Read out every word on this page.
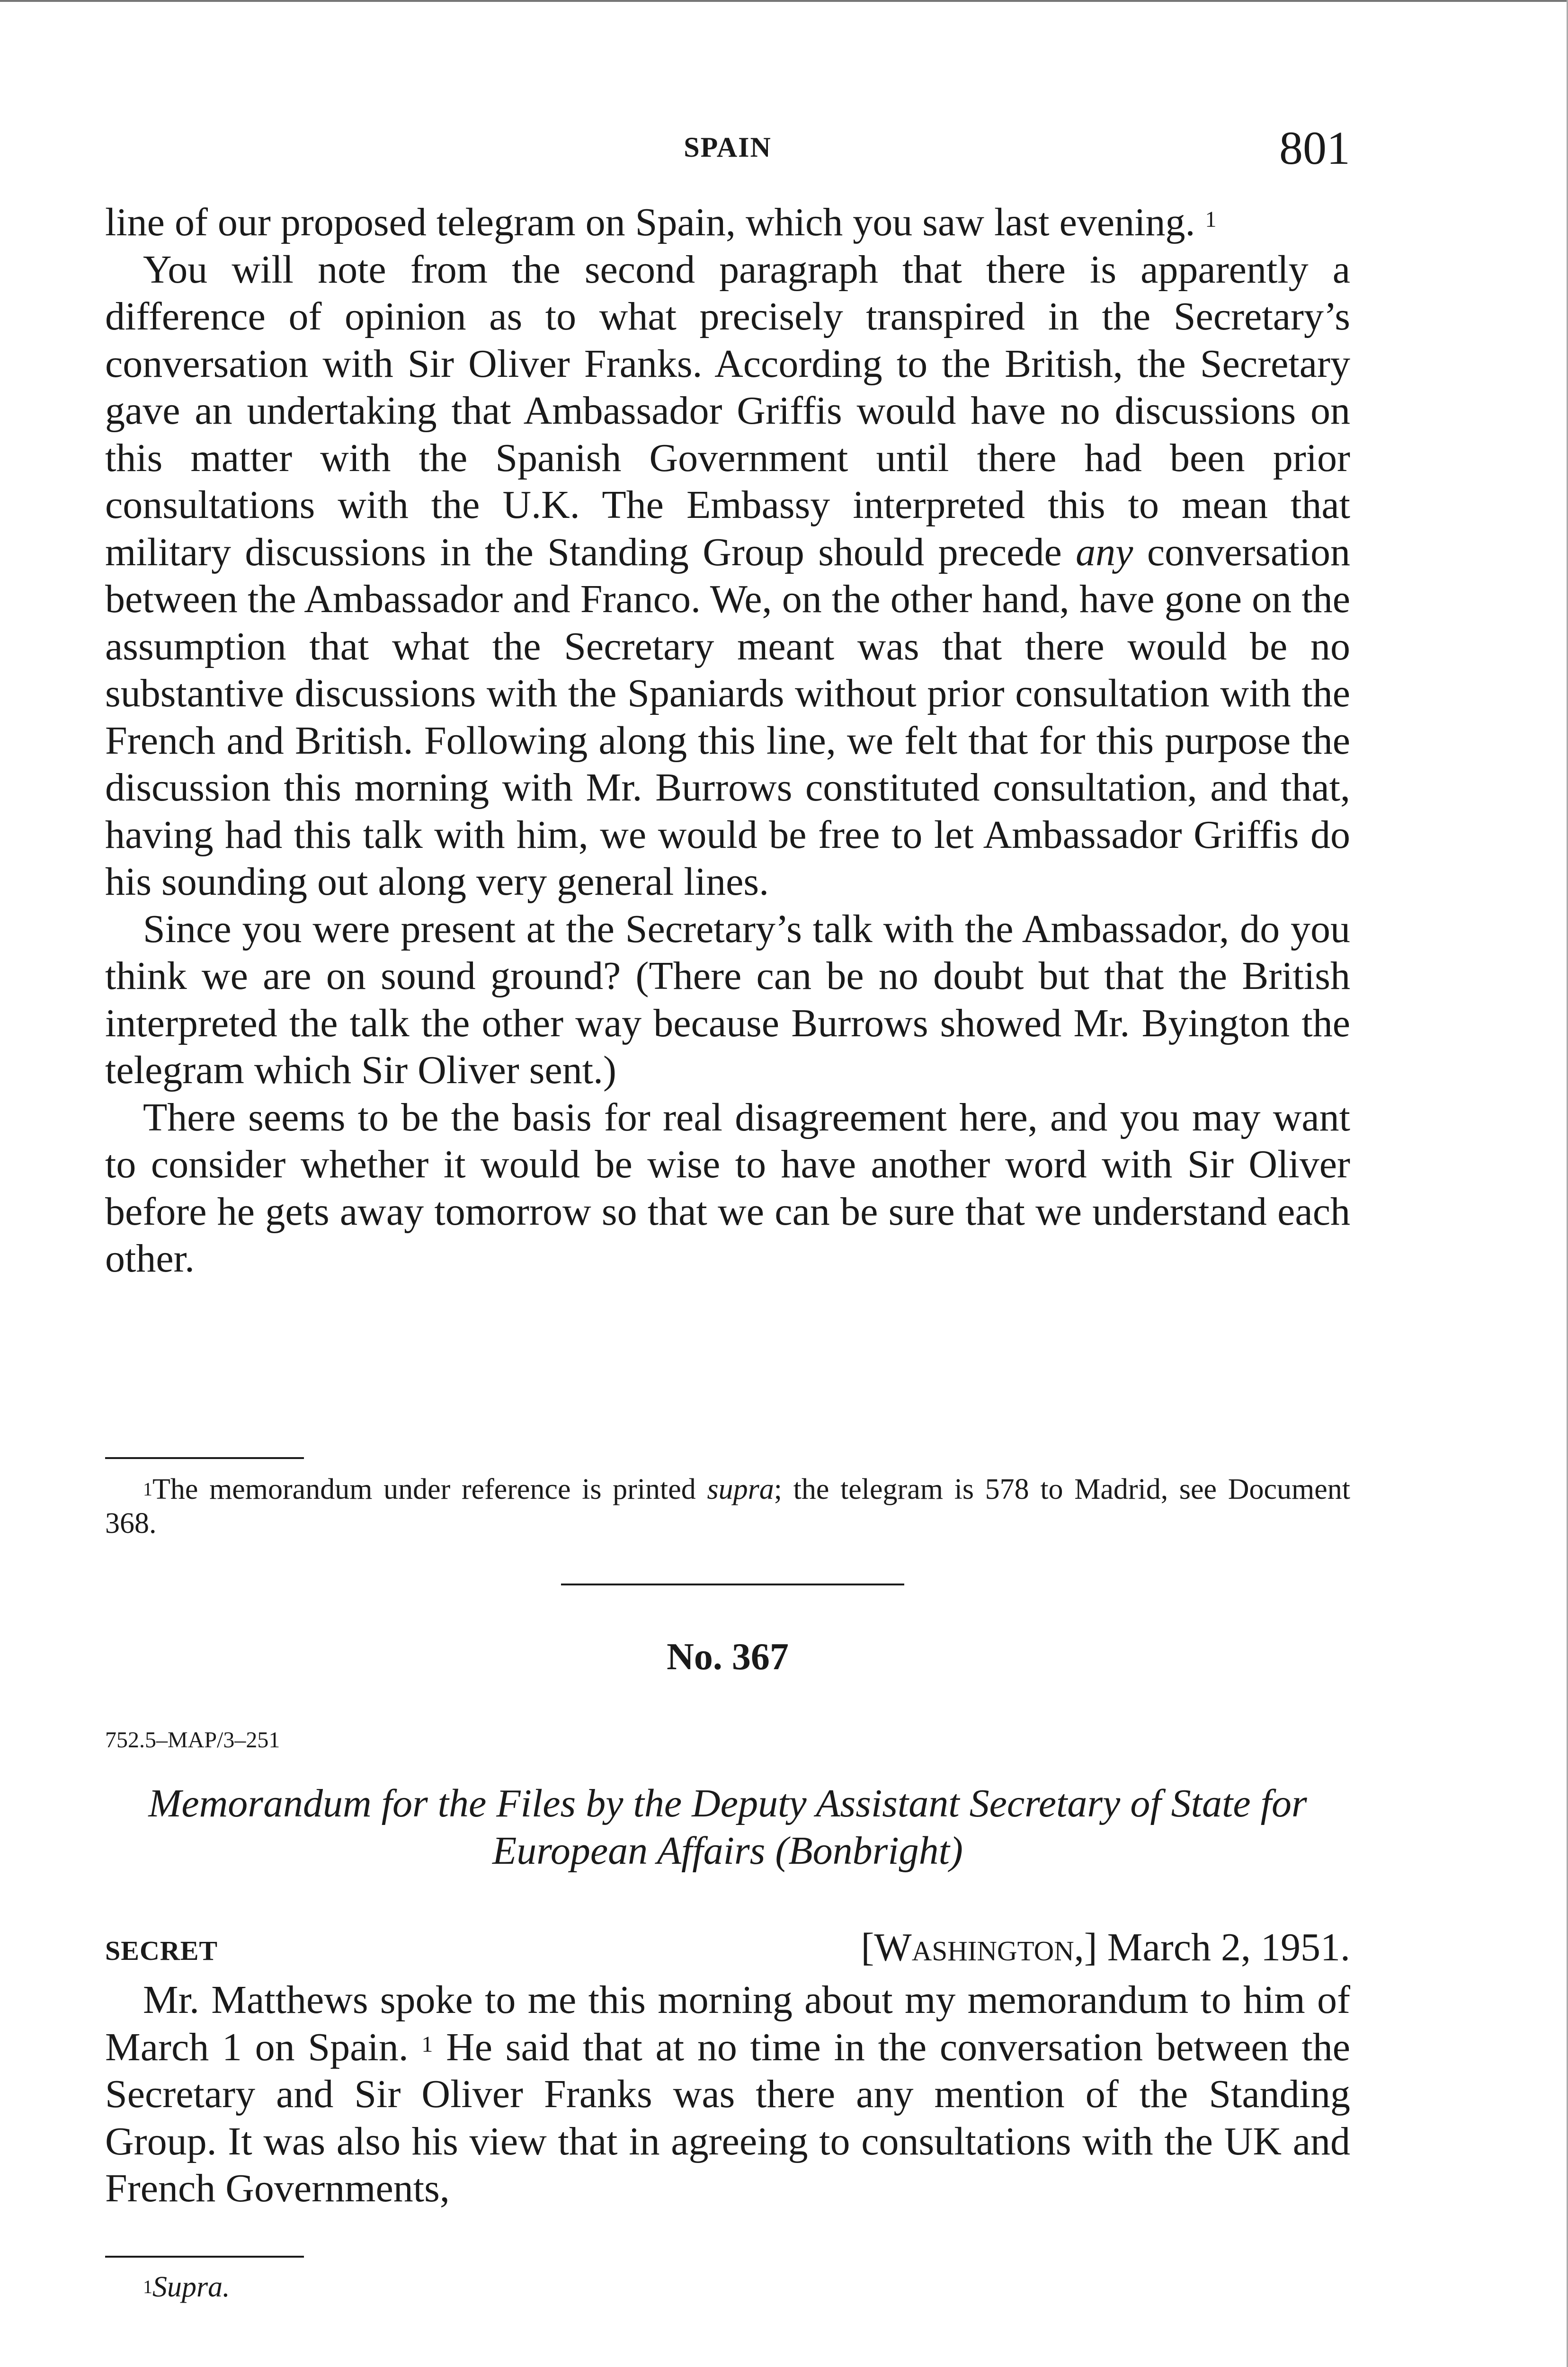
SPAIN	801

line of our proposed telegram on Spain, which you saw last evening. $^1$

You will note from the second paragraph that there is apparently a difference of opinion as to what precisely transpired in the Secretary’s conversation with Sir Oliver Franks. According to the British, the Secretary gave an undertaking that Ambassador Griffis would have no discussions on this matter with the Spanish Government until there had been prior consultations with the U.K. The Embassy interpreted this to mean that military discussions in the Standing Group should precede any conversation between the Ambassador and Franco. We, on the other hand, have gone on the assumption that what the Secretary meant was that there would be no substantive discussions with the Spaniards without prior consultation with the French and British. Following along this line, we felt that for this purpose the discussion this morning with Mr. Burrows constituted consultation, and that, having had this talk with him, we would be free to let Ambassador Griffis do his sounding out along very general lines.

Since you were present at the Secretary’s talk with the Ambassador, do you think we are on sound ground? (There can be no doubt but that the British interpreted the talk the other way because Burrows showed Mr. Byington the telegram which Sir Oliver sent.)

There seems to be the basis for real disagreement here, and you may want to consider whether it would be wise to have another word with Sir Oliver before he gets away tomorrow so that we can be sure that we understand each other.

$^1$The memorandum under reference is printed supra; the telegram is 578 to Madrid, see Document 368.
No. 367
752.5–MAP/3–251
Memorandum for the Files by the Deputy Assistant Secretary of State for European Affairs (Bonbright)
SECRET	[Washington,] March 2, 1951.

Mr. Matthews spoke to me this morning about my memorandum to him of March 1 on Spain. $^1$ He said that at no time in the conversation between the Secretary and Sir Oliver Franks was there any mention of the Standing Group. It was also his view that in agreeing to consultations with the UK and French Governments,

$^1$Supra.
